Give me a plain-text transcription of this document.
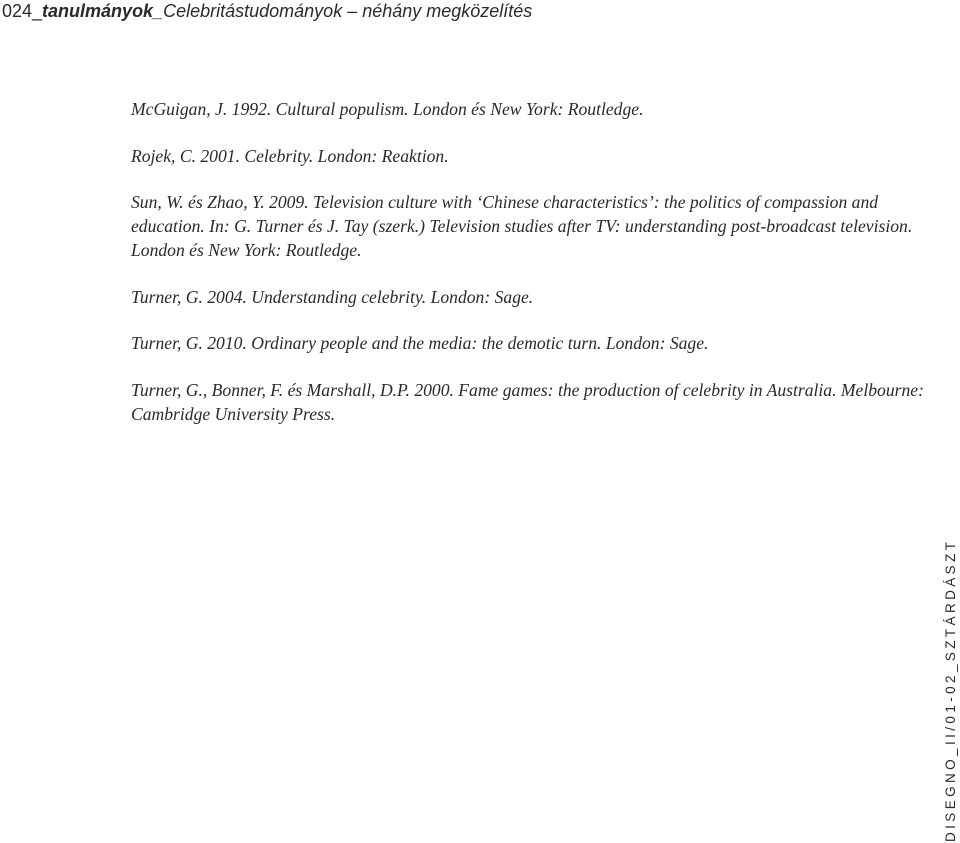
024_tanulmányok_Celebritástudományok – néhány megközelítés

McGuigan, J. 1992. Cultural populism. London és New York: Routledge.

Rojek, C. 2001. Celebrity. London: Reaktion.

Sun, W. és Zhao, Y. 2009. Television culture with ‘Chinese characteristics’: the politics of compassion and education. In: G. Turner és J. Tay (szerk.) Television studies after TV: understanding post-broadcast television. London és New York: Routledge.

Turner, G. 2004. Understanding celebrity. London: Sage.

Turner, G. 2010. Ordinary people and the media: the demotic turn. London: Sage.

Turner, G., Bonner, F. és Marshall, D.P. 2000. Fame games: the production of celebrity in Australia. Melbourne: Cambridge University Press.

DISEGNO_II/01-02_SZTÁRDÁSZT
